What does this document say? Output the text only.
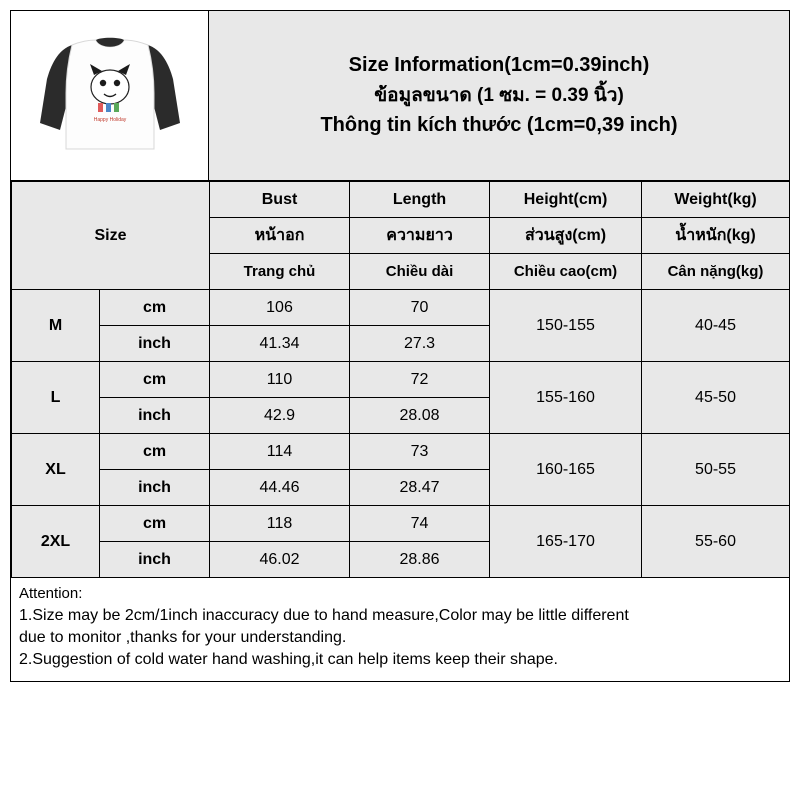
Happy Holiday
Size Information(1cm=0.39inch)
ข้อมูลขนาด (1 ซม. = 0.39 นิ้ว)
Thông tin kích thước (1cm=0,39 inch)
Size		Bust	Length	Height(cm)	Weight(kg)
		หน้าอก	ความยาว	ส่วนสูง(cm)	น้ำหนัก(kg)
		Trang chủ	Chiều dài	Chiều cao(cm)	Cân nặng(kg)
M	cm	106	70	150-155	40-45
	inch	41.34	27.3		
L	cm	110	72	155-160	45-50
	inch	42.9	28.08		
XL	cm	114	73	160-165	50-55
	inch	44.46	28.47		
2XL	cm	118	74	165-170	55-60
	inch	46.02	28.86		
Attention:
1.Size may be 2cm/1inch inaccuracy due to hand measure,Color may be little different
due to monitor ,thanks for your understanding.
2.Suggestion of cold water hand washing,it can help items keep their shape.
